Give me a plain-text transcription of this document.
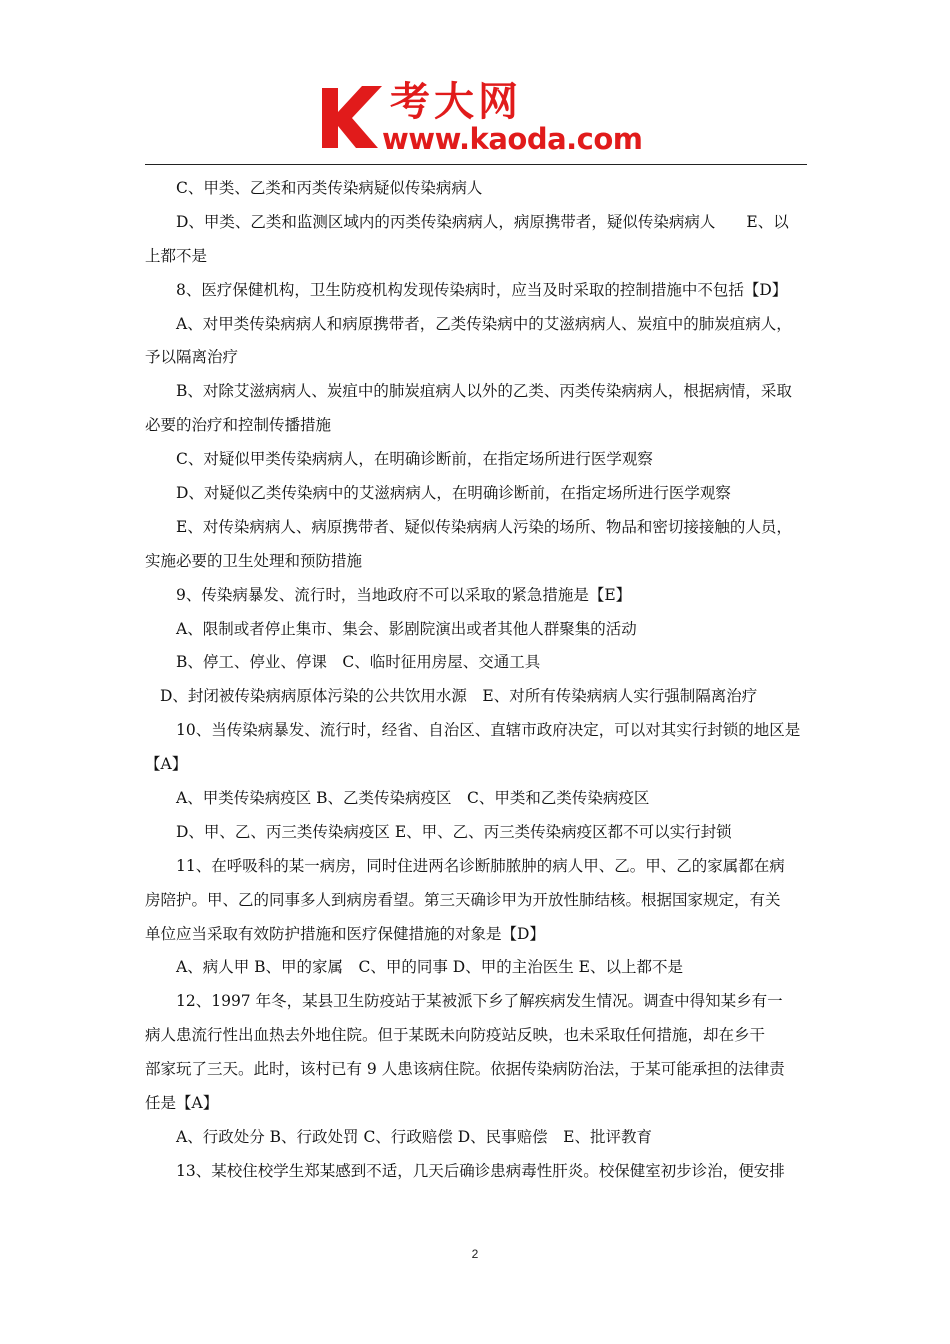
考大网
www.kaoda.com
C、甲类、乙类和丙类传染病疑似传染病病人
D、甲类、乙类和监测区域内的丙类传染病病人，病原携带者，疑似传染病病人　　E、以
上都不是
8、医疗保健机构，卫生防疫机构发现传染病时，应当及时采取的控制措施中不包括【D】
A、对甲类传染病病人和病原携带者，乙类传染病中的艾滋病病人、炭疽中的肺炭疽病人，
予以隔离治疗
B、对除艾滋病病人、炭疽中的肺炭疽病人以外的乙类、丙类传染病病人，根据病情，采取
必要的治疗和控制传播措施
C、对疑似甲类传染病病人，在明确诊断前，在指定场所进行医学观察
D、对疑似乙类传染病中的艾滋病病人，在明确诊断前，在指定场所进行医学观察
E、对传染病病人、病原携带者、疑似传染病病人污染的场所、物品和密切接接触的人员，
实施必要的卫生处理和预防措施
9、传染病暴发、流行时，当地政府不可以采取的紧急措施是【E】
A、限制或者停止集市、集会、影剧院演出或者其他人群聚集的活动
B、停工、停业、停课　C、临时征用房屋、交通工具
D、封闭被传染病病原体污染的公共饮用水源　E、对所有传染病病人实行强制隔离治疗
10、当传染病暴发、流行时，经省、自治区、直辖市政府决定，可以对其实行封锁的地区是
【A】
A、甲类传染病疫区 B、乙类传染病疫区　C、甲类和乙类传染病疫区
D、甲、乙、丙三类传染病疫区 E、甲、乙、丙三类传染病疫区都不可以实行封锁
11、在呼吸科的某一病房，同时住进两名诊断肺脓肿的病人甲、乙。甲、乙的家属都在病
房陪护。甲、乙的同事多人到病房看望。第三天确诊甲为开放性肺结核。根据国家规定，有关
单位应当采取有效防护措施和医疗保健措施的对象是【D】
A、病人甲 B、甲的家属　C、甲的同事 D、甲的主治医生 E、以上都不是
12、1997 年冬，某县卫生防疫站于某被派下乡了解疾病发生情况。调查中得知某乡有一
病人患流行性出血热去外地住院。但于某既未向防疫站反映，也未采取任何措施，却在乡干
部家玩了三天。此时，该村已有 9 人患该病住院。依据传染病防治法，于某可能承担的法律责
任是【A】
A、行政处分 B、行政处罚 C、行政赔偿 D、民事赔偿　E、批评教育
13、某校住校学生郑某感到不适，几天后确诊患病毒性肝炎。校保健室初步诊治，便安排
2
